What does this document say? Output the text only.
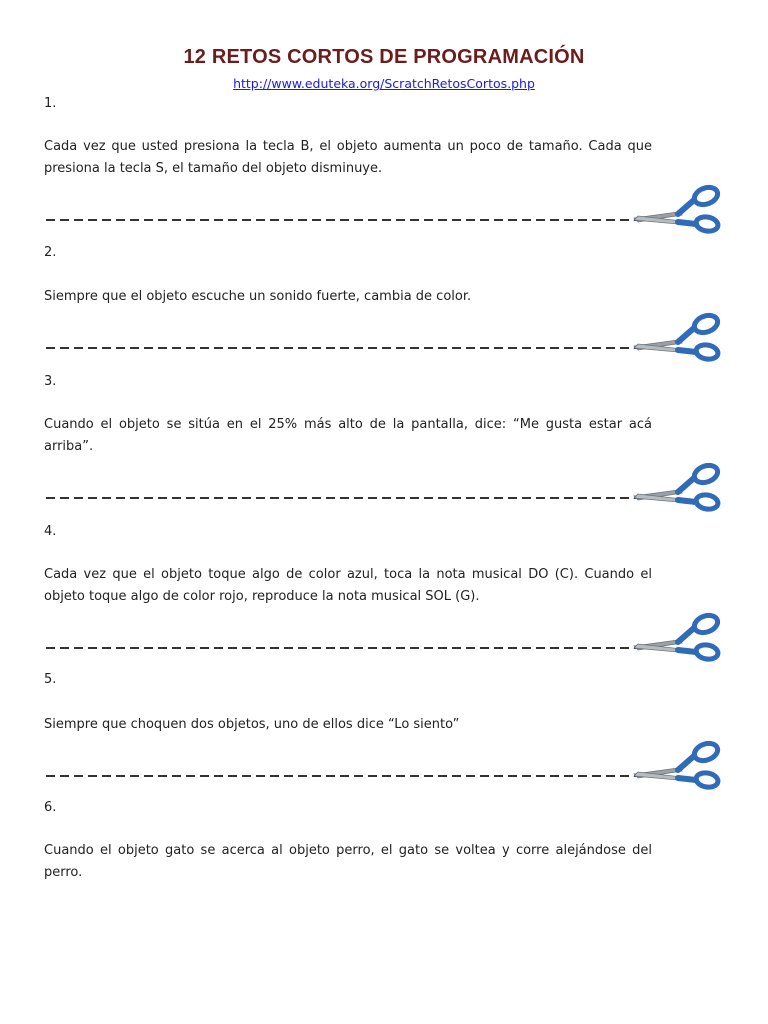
12 RETOS CORTOS DE PROGRAMACIÓN
http://www.eduteka.org/ScratchRetosCortos.php
1.
Cada vez que usted presiona la tecla B, el objeto aumenta un poco de tamaño. Cada que presiona la tecla S, el tamaño del objeto disminuye.
2.
Siempre que el objeto escuche un sonido fuerte, cambia de color.
3.
Cuando el objeto se sitúa en el 25% más alto de la pantalla, dice: “Me gusta estar acá arriba”.
4.
Cada vez que el objeto toque algo de color azul, toca la nota musical DO (C). Cuando el objeto toque algo de color rojo, reproduce la nota musical SOL (G).
5.
Siempre que choquen dos objetos, uno de ellos dice “Lo siento”
6.
Cuando el objeto gato se acerca al objeto perro, el gato se voltea y corre alejándose del perro.
